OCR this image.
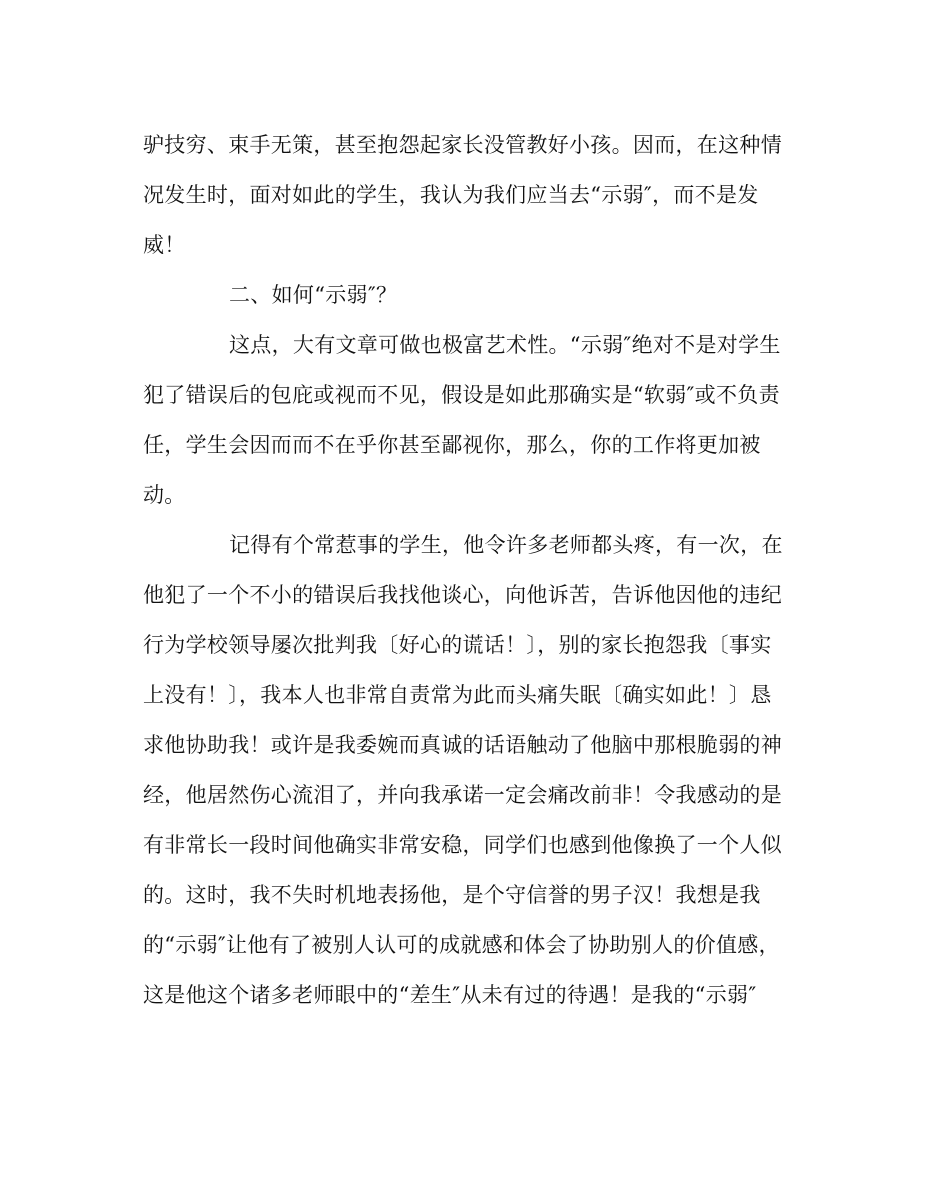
驴技穷、束手无策，甚至抱怨起家长没管教好小孩。因而，在这种情
况发生时，面对如此的学生，我认为我们应当去“示弱″，而不是发
威！
二、如何“示弱″？
这点，大有文章可做也极富艺术性。“示弱″绝对不是对学生
犯了错误后的包庇或视而不见，假设是如此那确实是“软弱″或不负责
任，学生会因而而不在乎你甚至鄙视你，那么，你的工作将更加被
动。
记得有个常惹事的学生，他令许多老师都头疼，有一次，在
他犯了一个不小的错误后我找他谈心，向他诉苦，告诉他因他的违纪
行为学校领导屡次批判我〔好心的谎话！〕，别的家长抱怨我〔事实
上没有！〕，我本人也非常自责常为此而头痛失眠〔确实如此！〕恳
求他协助我！或许是我委婉而真诚的话语触动了他脑中那根脆弱的神
经，他居然伤心流泪了，并向我承诺一定会痛改前非！令我感动的是
有非常长一段时间他确实非常安稳，同学们也感到他像换了一个人似
的。这时，我不失时机地表扬他，是个守信誉的男子汉！我想是我
的“示弱″让他有了被别人认可的成就感和体会了协助别人的价值感，
这是他这个诸多老师眼中的“差生″从未有过的待遇！是我的“示弱″
